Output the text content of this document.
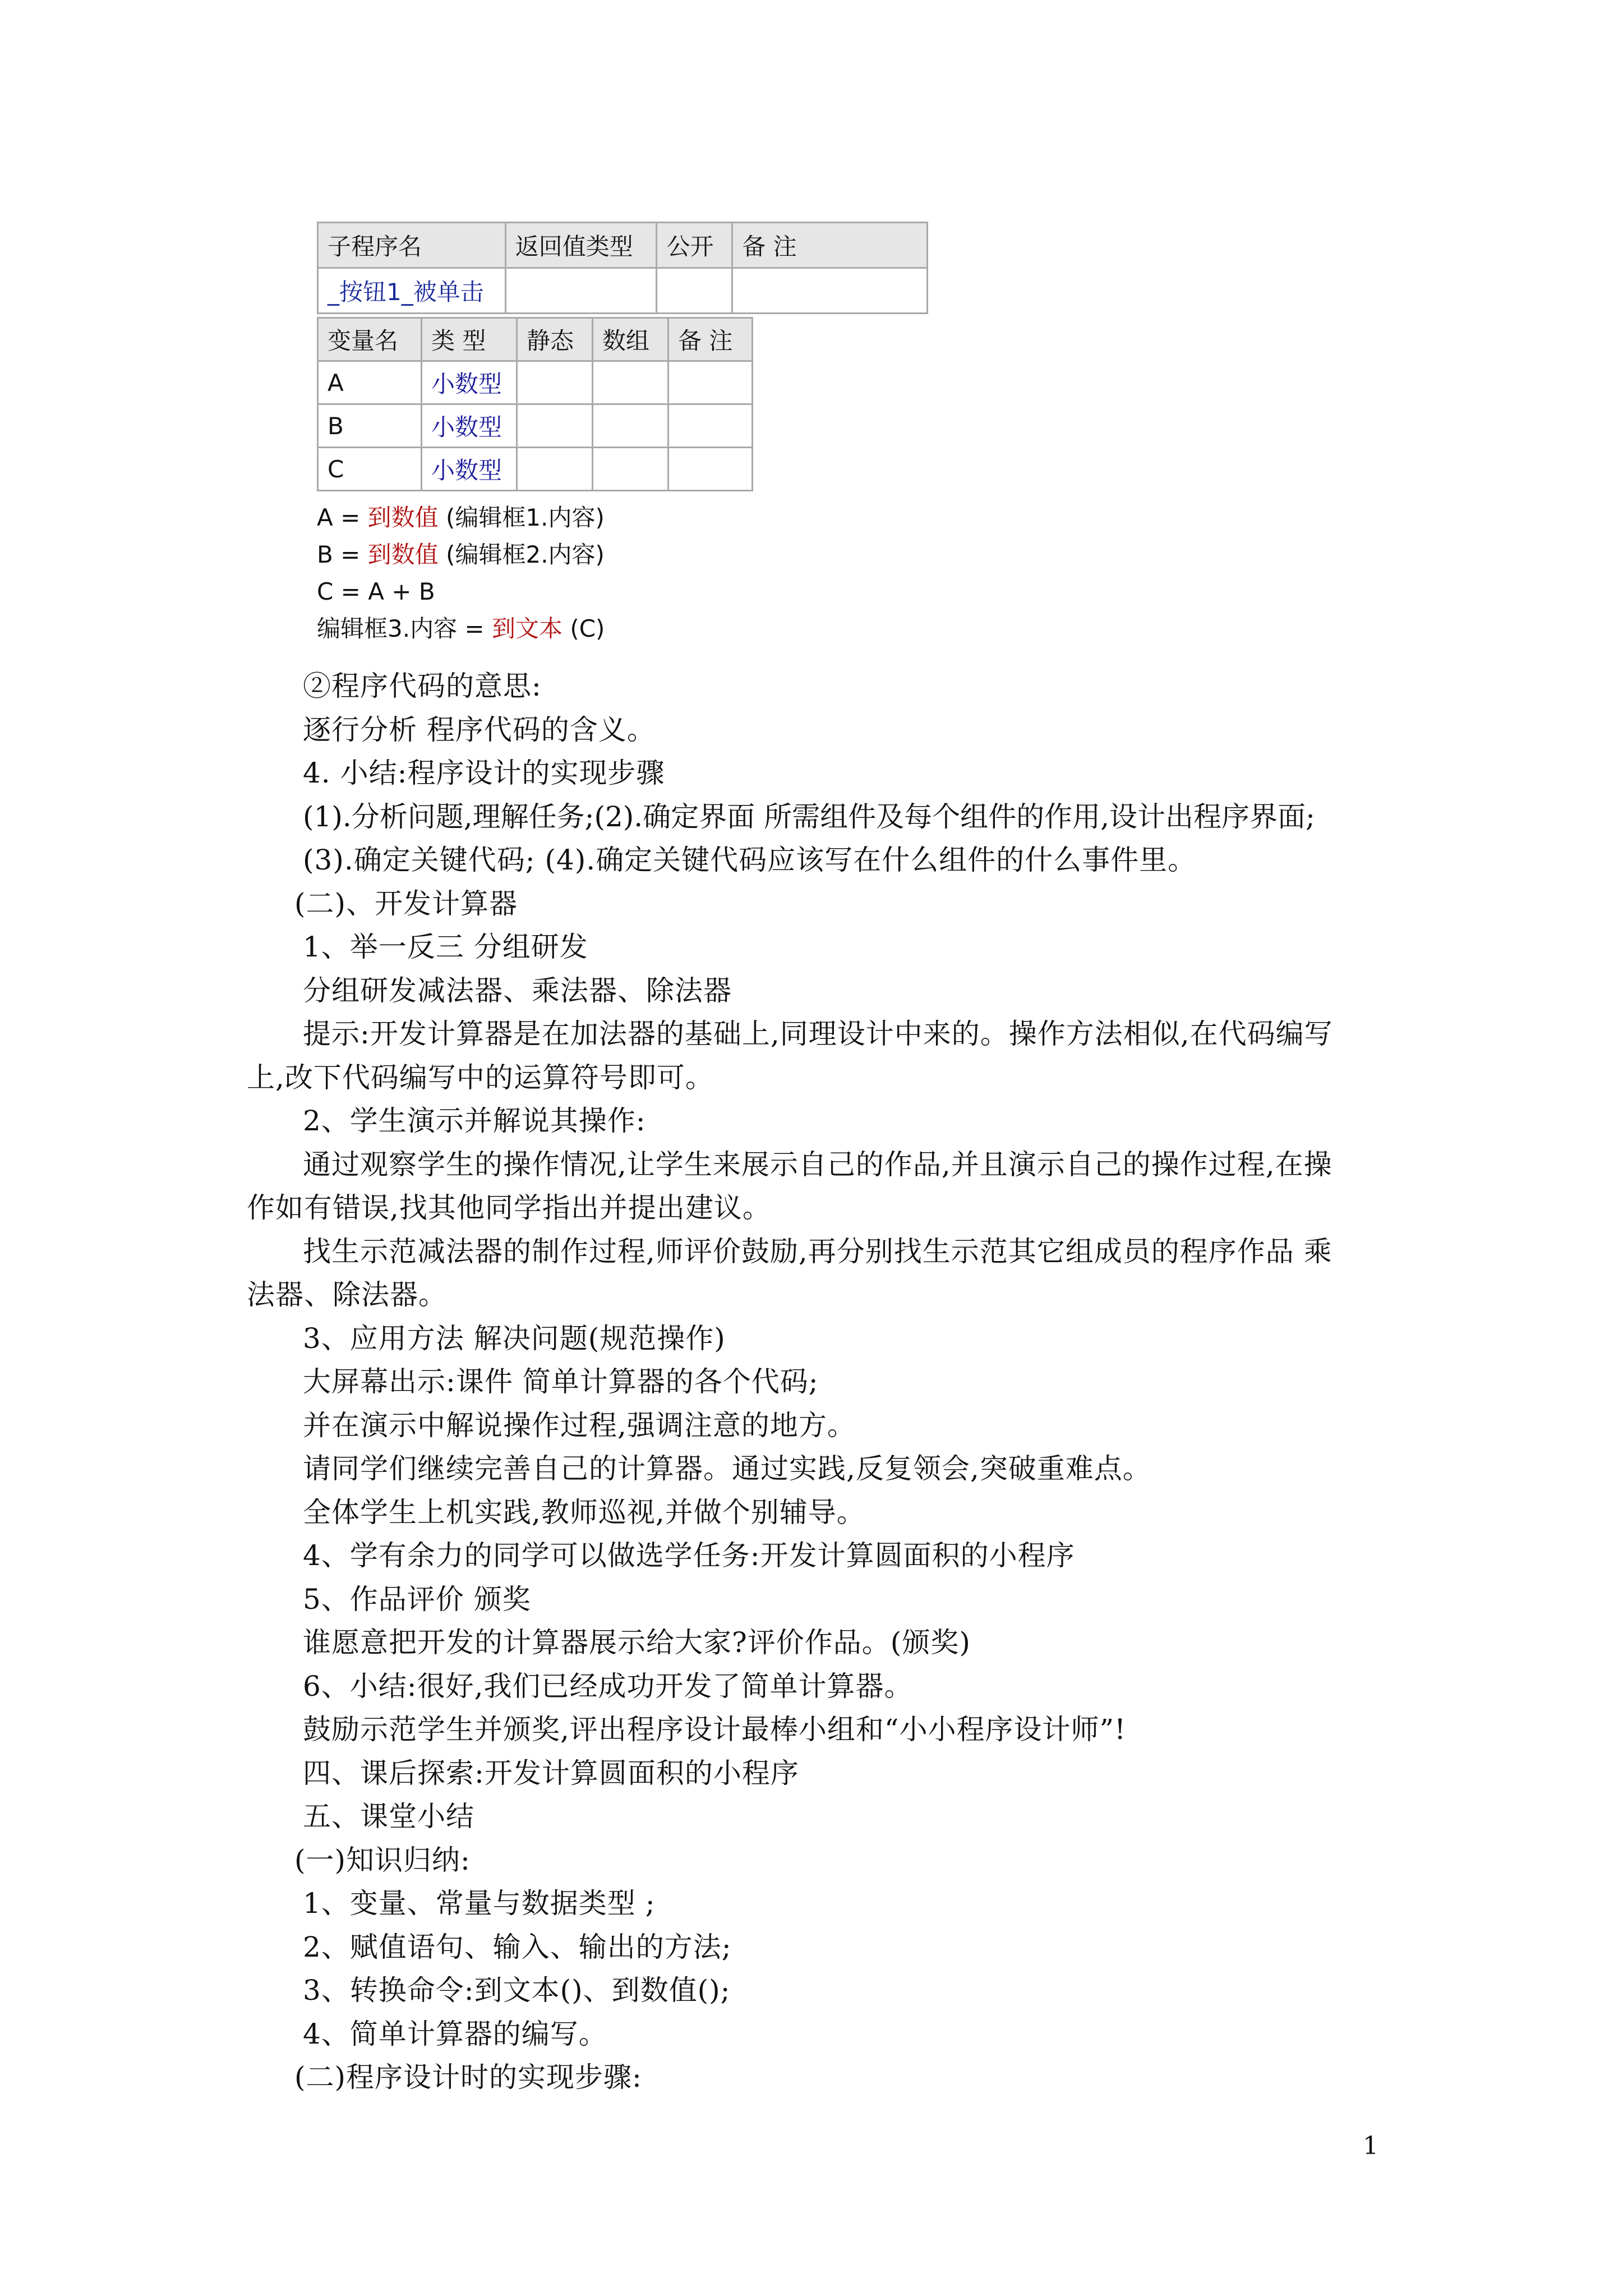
子程序名	返回值类型	公开	备 注
_按钮1_被单击			
变量名	类 型	静态	数组	备 注
A	小数型			
B	小数型			
C	小数型			
A = 到数值 (编辑框1.内容)
B = 到数值 (编辑框2.内容)
C = A + B
编辑框3.内容 = 到文本 (C)
②程序代码的意思:
逐行分析 程序代码的含义。
4. 小结:程序设计的实现步骤
(1).分析问题,理解任务;(2).确定界面 所需组件及每个组件的作用,设计出程序界面;
(3).确定关键代码; (4).确定关键代码应该写在什么组件的什么事件里。
(二)、开发计算器
1、举一反三 分组研发
分组研发减法器、乘法器、除法器
提示:开发计算器是在加法器的基础上,同理设计中来的。操作方法相似,在代码编写
上,改下代码编写中的运算符号即可。
2、学生演示并解说其操作:
通过观察学生的操作情况,让学生来展示自己的作品,并且演示自己的操作过程,在操
作如有错误,找其他同学指出并提出建议。
找生示范减法器的制作过程,师评价鼓励,再分别找生示范其它组成员的程序作品 乘
法器、除法器。
3、应用方法 解决问题(规范操作)
大屏幕出示:课件 简单计算器的各个代码;
并在演示中解说操作过程,强调注意的地方。
请同学们继续完善自己的计算器。通过实践,反复领会,突破重难点。
全体学生上机实践,教师巡视,并做个别辅导。
4、学有余力的同学可以做选学任务:开发计算圆面积的小程序
5、作品评价 颁奖
谁愿意把开发的计算器展示给大家?评价作品。(颁奖)
6、小结:很好,我们已经成功开发了简单计算器。
鼓励示范学生并颁奖,评出程序设计最棒小组和“小小程序设计师”!
四、课后探索:开发计算圆面积的小程序
五、课堂小结
(一)知识归纳:
1、变量、常量与数据类型 ;
2、赋值语句、输入、输出的方法;
3、转换命令:到文本()、到数值();
4、简单计算器的编写。
(二)程序设计时的实现步骤:
1
